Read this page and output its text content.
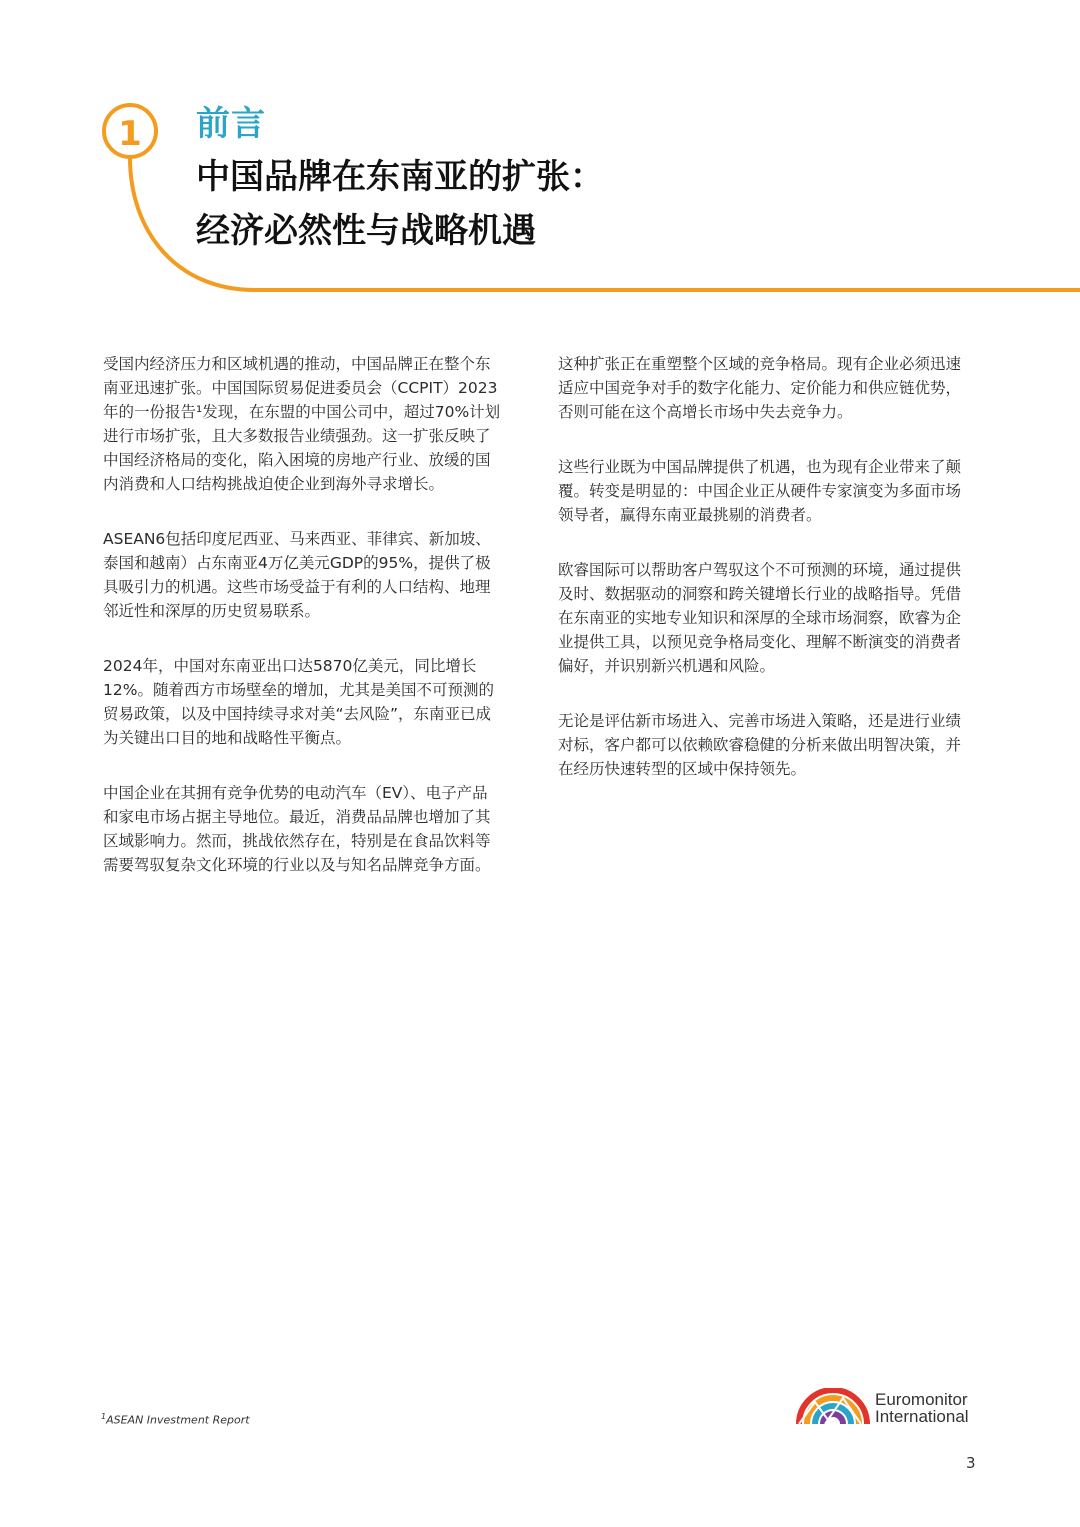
1 前言
中国品牌在东南亚的扩张：
经济必然性与战略机遇

受国内经济压力和区域机遇的推动，中国品牌正在整个东南亚迅速扩张。中国国际贸易促进委员会（CCPIT）2023年的一份报告¹发现，在东盟的中国公司中，超过70%计划进行市场扩张，且大多数报告业绩强劲。这一扩张反映了中国经济格局的变化，陷入困境的房地产行业、放缓的国内消费和人口结构挑战迫使企业到海外寻求增长。

ASEAN6包括印度尼西亚、马来西亚、菲律宾、新加坡、泰国和越南）占东南亚4万亿美元GDP的95%，提供了极具吸引力的机遇。这些市场受益于有利的人口结构、地理邻近性和深厚的历史贸易联系。

2024年，中国对东南亚出口达5870亿美元，同比增长12%。随着西方市场壁垒的增加，尤其是美国不可预测的贸易政策，以及中国持续寻求对美“去风险”，东南亚已成为关键出口目的地和战略性平衡点。

中国企业在其拥有竞争优势的电动汽车（EV）、电子产品和家电市场占据主导地位。最近，消费品品牌也增加了其区域影响力。然而，挑战依然存在，特别是在食品饮料等需要驾驭复杂文化环境的行业以及与知名品牌竞争方面。

这种扩张正在重塑整个区域的竞争格局。现有企业必须迅速适应中国竞争对手的数字化能力、定价能力和供应链优势，否则可能在这个高增长市场中失去竞争力。

这些行业既为中国品牌提供了机遇，也为现有企业带来了颠覆。转变是明显的：中国企业正从硬件专家演变为多面市场领导者，赢得东南亚最挑剔的消费者。

欧睿国际可以帮助客户驾驭这个不可预测的环境，通过提供及时、数据驱动的洞察和跨关键增长行业的战略指导。凭借在东南亚的实地专业知识和深厚的全球市场洞察，欧睿为企业提供工具，以预见竞争格局变化、理解不断演变的消费者偏好，并识别新兴机遇和风险。

无论是评估新市场进入、完善市场进入策略，还是进行业绩对标，客户都可以依赖欧睿稳健的分析来做出明智决策，并在经历快速转型的区域中保持领先。

$^1$ASEAN Investment Report
Euromonitor
International
3
